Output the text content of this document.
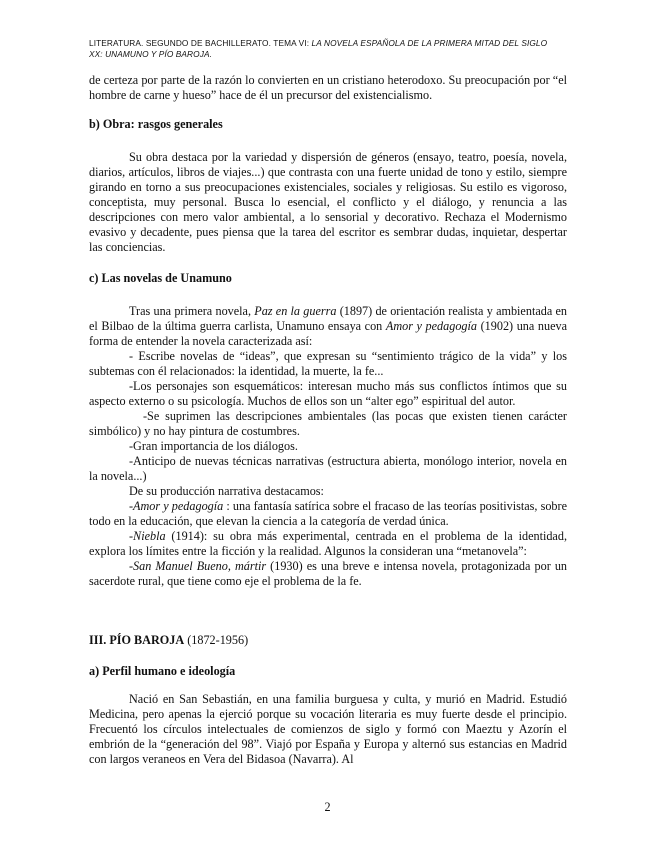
LITERATURA. SEGUNDO DE BACHILLERATO. TEMA VI: LA NOVELA ESPAÑOLA DE LA PRIMERA MITAD DEL SIGLO
XX: UNAMUNO Y PÍO BAROJA.

de certeza por parte de la razón lo convierten en un cristiano heterodoxo. Su preocupación por “el hombre de carne y hueso” hace de él un precursor del existencialismo.

b) Obra: rasgos generales

Su obra destaca por la variedad y dispersión de géneros (ensayo, teatro, poesía, novela, diarios, artículos, libros de viajes...) que contrasta con una fuerte unidad de tono y estilo, siempre girando en torno a sus preocupaciones existenciales, sociales y religiosas. Su estilo es vigoroso, conceptista, muy personal. Busca lo esencial, el conflicto y el diálogo, y renuncia a las descripciones con mero valor ambiental, a lo sensorial y decorativo. Rechaza el Modernismo evasivo y decadente, pues piensa que la tarea del escritor es sembrar dudas, inquietar, despertar las conciencias.

c) Las novelas de Unamuno

Tras una primera novela, Paz en la guerra (1897) de orientación realista y ambientada en el Bilbao de la última guerra carlista, Unamuno ensaya con Amor y pedagogía (1902) una nueva forma de entender la novela caracterizada así:

- Escribe novelas de “ideas”, que expresan su “sentimiento trágico de la vida” y los subtemas con él relacionados: la identidad, la muerte, la fe...

-Los personajes son esquemáticos: interesan mucho más sus conflictos íntimos que su aspecto externo o su psicología. Muchos de ellos son un “alter ego” espiritual del autor.

-Se suprimen las descripciones ambientales (las pocas que existen tienen carácter simbólico) y no hay pintura de costumbres.

-Gran importancia de los diálogos.

-Anticipo de nuevas técnicas narrativas (estructura abierta, monólogo interior, novela en la novela...)

De su producción narrativa destacamos:

-Amor y pedagogía : una fantasía satírica sobre el fracaso de las teorías positivistas, sobre todo en la educación, que elevan la ciencia a la categoría de verdad única.

-Niebla (1914): su obra más experimental, centrada en el problema de la identidad, explora los límites entre la ficción y la realidad. Algunos la consideran una “metanovela”:

-San Manuel Bueno, mártir (1930) es una breve e intensa novela, protagonizada por un sacerdote rural, que tiene como eje el problema de la fe.

III. PÍO BAROJA (1872-1956)

a) Perfil humano e ideología

Nació en San Sebastián, en una familia burguesa y culta, y murió en Madrid. Estudió Medicina, pero apenas la ejerció porque su vocación literaria es muy fuerte desde el principio. Frecuentó los círculos intelectuales de comienzos de siglo y formó con Maeztu y Azorín el embrión de la “generación del 98”. Viajó por España y Europa y alternó sus estancias en Madrid con largos veraneos en Vera del Bidasoa (Navarra). Al

2
